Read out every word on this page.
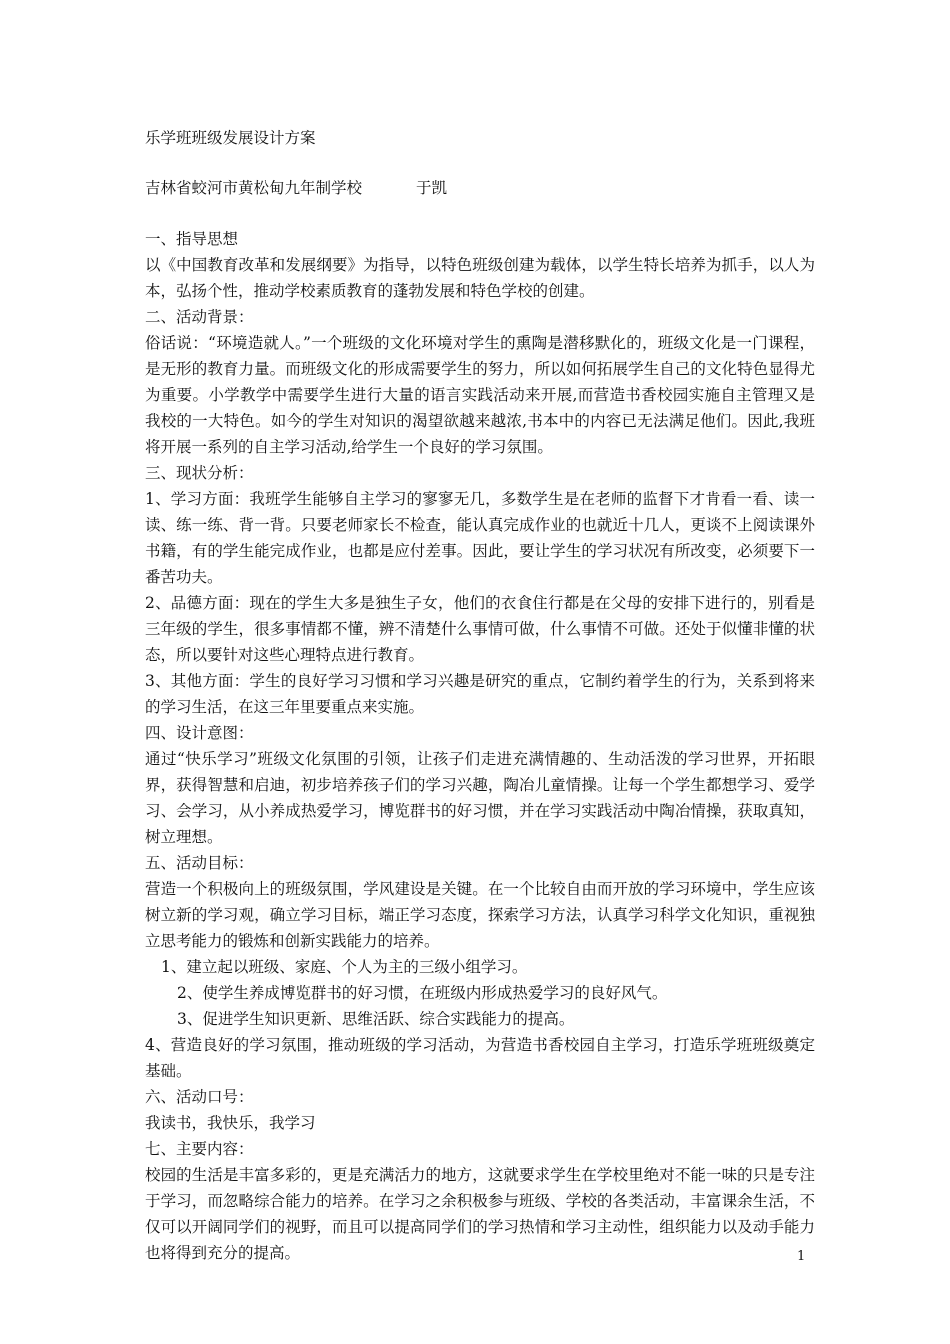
乐学班班级发展设计方案
吉林省蛟河市黄松甸九年制学校	于凯

一、指导思想

以《中国教育改革和发展纲要》为指导，以特色班级创建为载体，以学生特长培养为抓手，以人为本，弘扬个性，推动学校素质教育的蓬勃发展和特色学校的创建。

二、活动背景：

俗话说：“环境造就人。”一个班级的文化环境对学生的熏陶是潜移默化的，班级文化是一门课程，是无形的教育力量。而班级文化的形成需要学生的努力，所以如何拓展学生自己的文化特色显得尤为重要。小学教学中需要学生进行大量的语言实践活动来开展,而营造书香校园实施自主管理又是我校的一大特色。如今的学生对知识的渴望欲越来越浓,书本中的内容已无法满足他们。因此,我班将开展一系列的自主学习活动,给学生一个良好的学习氛围。

三、现状分析：

1、学习方面：我班学生能够自主学习的寥寥无几，多数学生是在老师的监督下才肯看一看、读一读、练一练、背一背。只要老师家长不检查，能认真完成作业的也就近十几人，更谈不上阅读课外书籍，有的学生能完成作业，也都是应付差事。因此，要让学生的学习状况有所改变，必须要下一番苦功夫。

2、品德方面：现在的学生大多是独生子女，他们的衣食住行都是在父母的安排下进行的，别看是三年级的学生，很多事情都不懂，辨不清楚什么事情可做，什么事情不可做。还处于似懂非懂的状态，所以要针对这些心理特点进行教育。

3、其他方面：学生的良好学习习惯和学习兴趣是研究的重点，它制约着学生的行为，关系到将来的学习生活，在这三年里要重点来实施。

四、设计意图：

通过“快乐学习”班级文化氛围的引领，让孩子们走进充满情趣的、生动活泼的学习世界，开拓眼界，获得智慧和启迪，初步培养孩子们的学习兴趣，陶冶儿童情操。让每一个学生都想学习、爱学习、会学习，从小养成热爱学习，博览群书的好习惯，并在学习实践活动中陶冶情操，获取真知，树立理想。

五、活动目标：

营造一个积极向上的班级氛围，学风建设是关键。在一个比较自由而开放的学习环境中，学生应该树立新的学习观，确立学习目标，端正学习态度，探索学习方法，认真学习科学文化知识，重视独立思考能力的锻炼和创新实践能力的培养。

1、建立起以班级、家庭、个人为主的三级小组学习。

2、使学生养成博览群书的好习惯，在班级内形成热爱学习的良好风气。

3、促进学生知识更新、思维活跃、综合实践能力的提高。

4、营造良好的学习氛围，推动班级的学习活动，为营造书香校园自主学习，打造乐学班班级奠定基础。

六、活动口号：

我读书，我快乐，我学习

七、主要内容：

校园的生活是丰富多彩的，更是充满活力的地方，这就要求学生在学校里绝对不能一味的只是专注于学习，而忽略综合能力的培养。在学习之余积极参与班级、学校的各类活动，丰富课余生活，不仅可以开阔同学们的视野，而且可以提高同学们的学习热情和学习主动性，组织能力以及动手能力也将得到充分的提高。	1
